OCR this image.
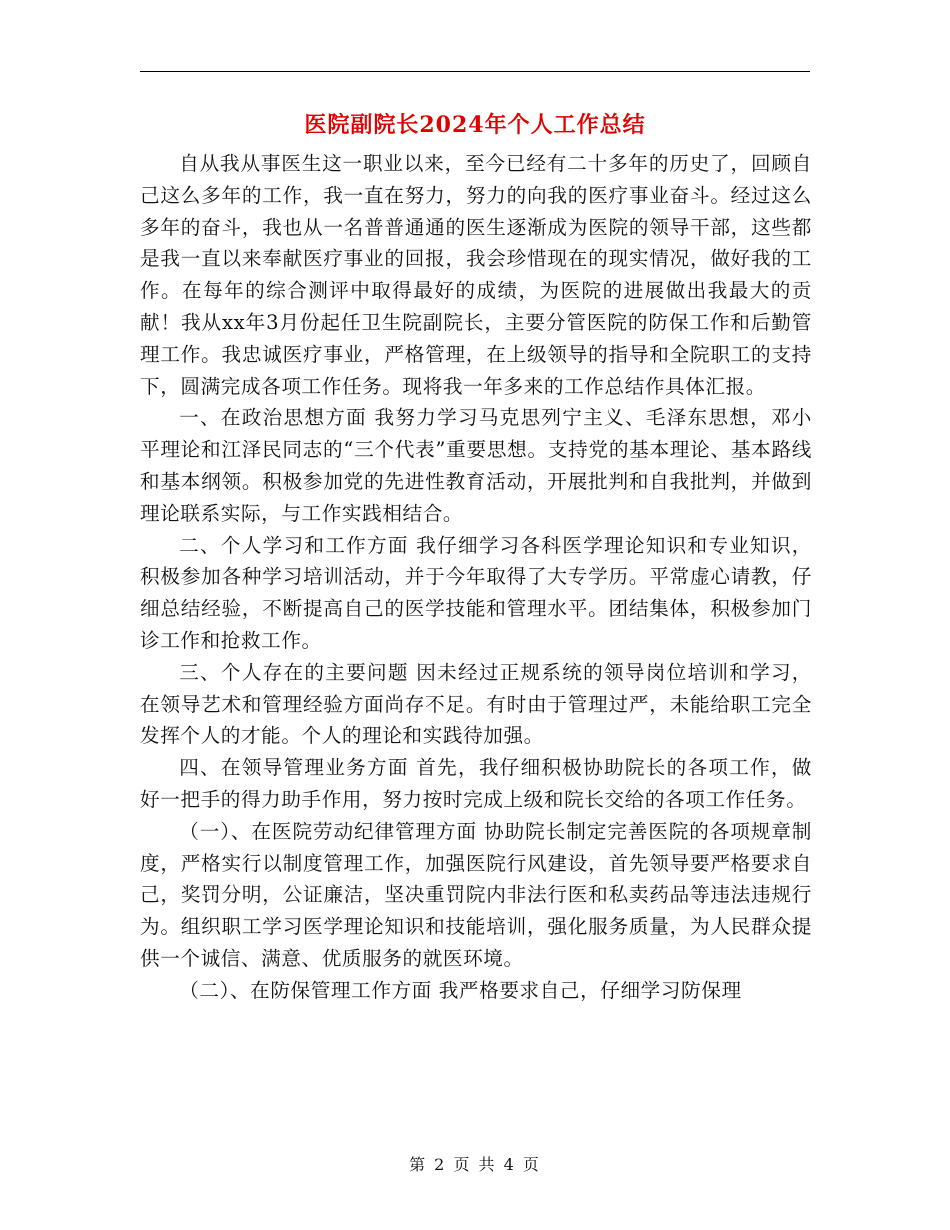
医院副院长2024年个人工作总结

自从我从事医生这一职业以来，至今已经有二十多年的历史了，回顾自己这么多年的工作，我一直在努力，努力的向我的医疗事业奋斗。经过这么多年的奋斗，我也从一名普普通通的医生逐渐成为医院的领导干部，这些都是我一直以来奉献医疗事业的回报，我会珍惜现在的现实情况，做好我的工作。在每年的综合测评中取得最好的成绩，为医院的进展做出我最大的贡献！我从xx年3月份起任卫生院副院长，主要分管医院的防保工作和后勤管理工作。我忠诚医疗事业，严格管理，在上级领导的指导和全院职工的支持下，圆满完成各项工作任务。现将我一年多来的工作总结作具体汇报。

一、在政治思想方面 我努力学习马克思列宁主义、毛泽东思想，邓小平理论和江泽民同志的“三个代表”重要思想。支持党的基本理论、基本路线和基本纲领。积极参加党的先进性教育活动，开展批判和自我批判，并做到理论联系实际，与工作实践相结合。

二、个人学习和工作方面 我仔细学习各科医学理论知识和专业知识，积极参加各种学习培训活动，并于今年取得了大专学历。平常虚心请教，仔细总结经验，不断提高自己的医学技能和管理水平。团结集体，积极参加门诊工作和抢救工作。

三、个人存在的主要问题 因未经过正规系统的领导岗位培训和学习，在领导艺术和管理经验方面尚存不足。有时由于管理过严，未能给职工完全发挥个人的才能。个人的理论和实践待加强。

四、在领导管理业务方面 首先，我仔细积极协助院长的各项工作，做好一把手的得力助手作用，努力按时完成上级和院长交给的各项工作任务。

（一）、在医院劳动纪律管理方面 协助院长制定完善医院的各项规章制度，严格实行以制度管理工作，加强医院行风建设，首先领导要严格要求自己，奖罚分明，公证廉洁，坚决重罚院内非法行医和私卖药品等违法违规行为。组织职工学习医学理论知识和技能培训，强化服务质量，为人民群众提供一个诚信、满意、优质服务的就医环境。

（二）、在防保管理工作方面 我严格要求自己，仔细学习防保理

第 2 页 共 4 页
